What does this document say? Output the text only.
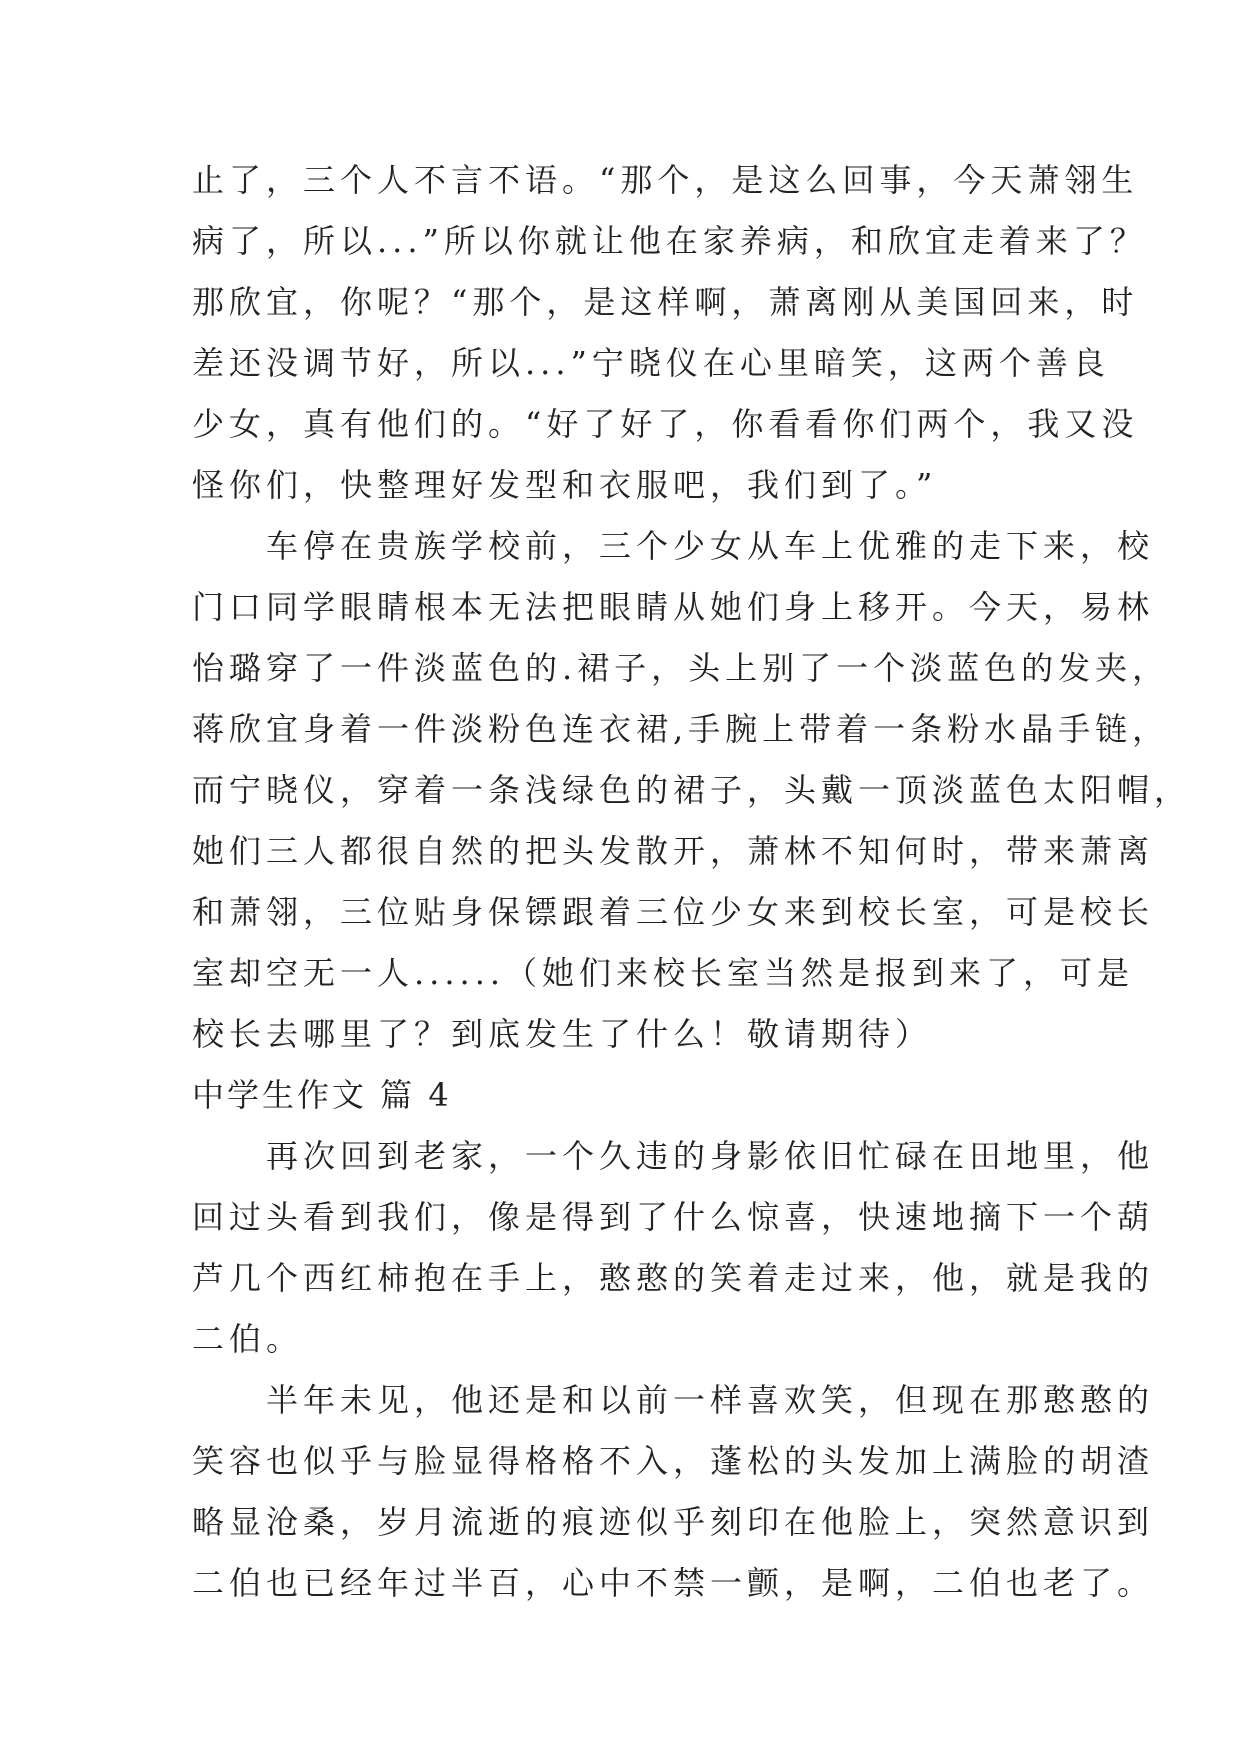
止了，三个人不言不语。“那个，是这么回事，今天萧翎生
病了，所以...”所以你就让他在家养病，和欣宜走着来了？
那欣宜，你呢？“那个，是这样啊，萧离刚从美国回来，时
差还没调节好，所以...”宁晓仪在心里暗笑，这两个善良
少女，真有他们的。“好了好了，你看看你们两个，我又没
怪你们，快整理好发型和衣服吧，我们到了。”
　　车停在贵族学校前，三个少女从车上优雅的走下来，校
门口同学眼睛根本无法把眼睛从她们身上移开。今天，易林
怡璐穿了一件淡蓝色的.裙子，头上别了一个淡蓝色的发夹，
蒋欣宜身着一件淡粉色连衣裙,手腕上带着一条粉水晶手链，
而宁晓仪，穿着一条浅绿色的裙子，头戴一顶淡蓝色太阳帽，
她们三人都很自然的把头发散开，萧林不知何时，带来萧离
和萧翎，三位贴身保镖跟着三位少女来到校长室，可是校长
室却空无一人......（她们来校长室当然是报到来了，可是
校长去哪里了？到底发生了什么！敬请期待）
中学生作文 篇 4
　　再次回到老家，一个久违的身影依旧忙碌在田地里，他
回过头看到我们，像是得到了什么惊喜，快速地摘下一个葫
芦几个西红柿抱在手上，憨憨的笑着走过来，他，就是我的
二伯。
　　半年未见，他还是和以前一样喜欢笑，但现在那憨憨的
笑容也似乎与脸显得格格不入，蓬松的头发加上满脸的胡渣
略显沧桑，岁月流逝的痕迹似乎刻印在他脸上，突然意识到
二伯也已经年过半百，心中不禁一颤，是啊，二伯也老了。
